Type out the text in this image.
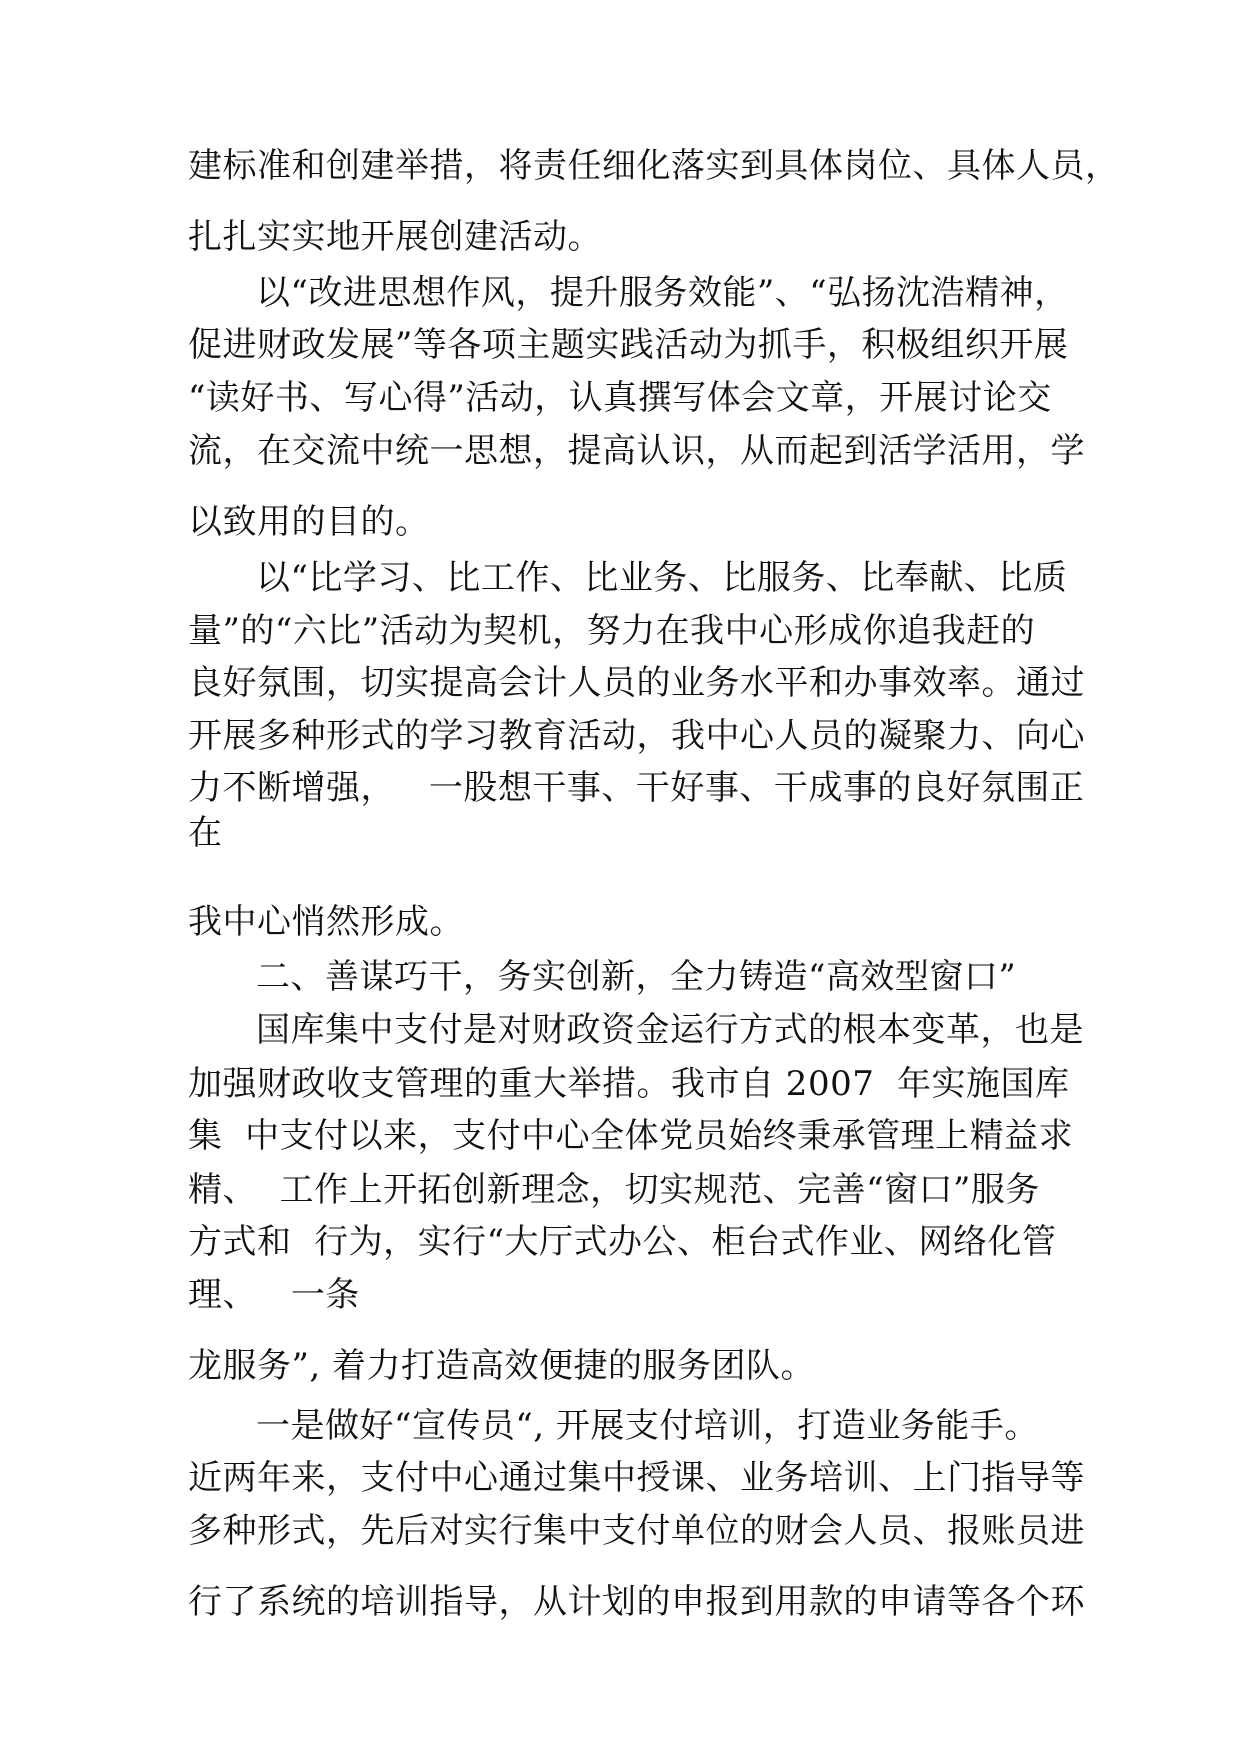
建标准和创建举措，将责任细化落实到具体岗位、具体人员，
扎扎实实地开展创建活动。
以“改进思想作风，提升服务效能”、“弘扬沈浩精神，
促进财政发展”等各项主题实践活动为抓手，积极组织开展
“读好书、写心得”活动，认真撰写体会文章，开展讨论交
流，在交流中统一思想，提高认识，从而起到活学活用，学
以致用的目的。
以“比学习、比工作、比业务、比服务、比奉献、比质
量”的“六比”活动为契机，努力在我中心形成你追我赶的
良好氛围，切实提高会计人员的业务水平和办事效率。通过
开展多种形式的学习教育活动，我中心人员的凝聚力、向心
力不断增强，   一股想干事、干好事、干成事的良好氛围正
在
我中心悄然形成。
二、善谋巧干，务实创新，全力铸造“高效型窗口”
国库集中支付是对财政资金运行方式的根本变革，也是
加强财政收支管理的重大举措。我市自 2007  年实施国库
集  中支付以来，支付中心全体党员始终秉承管理上精益求
精、  工作上开拓创新理念，切实规范、完善“窗口”服务
方式和  行为，实行“大厅式办公、柜台式作业、网络化管
理、   一条
龙服务”, 着力打造高效便捷的服务团队。
一是做好“宣传员“, 开展支付培训，打造业务能手。
近两年来，支付中心通过集中授课、业务培训、上门指导等
多种形式，先后对实行集中支付单位的财会人员、报账员进
行了系统的培训指导，从计划的申报到用款的申请等各个环
